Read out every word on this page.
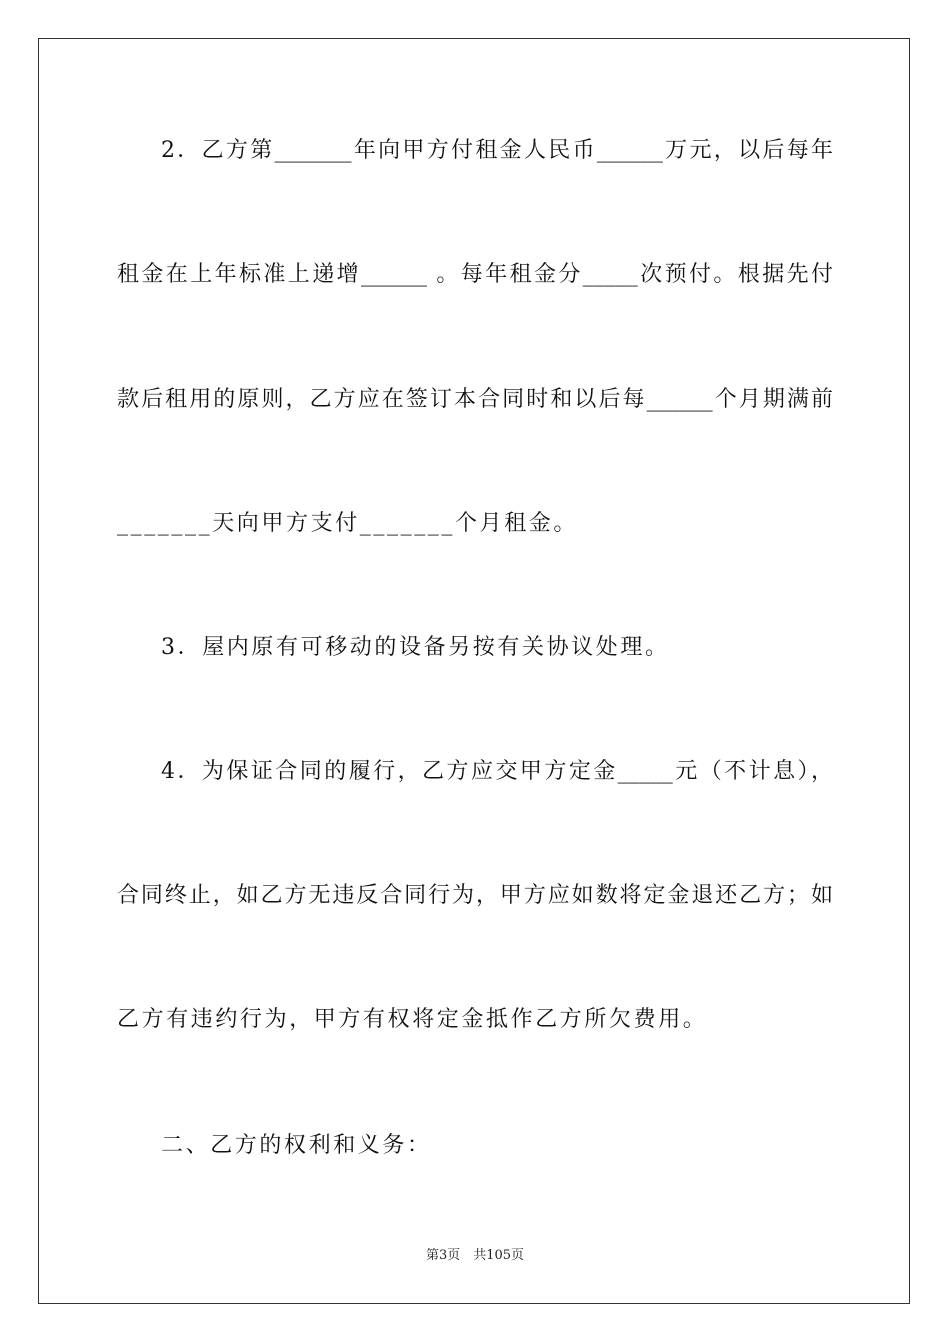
2．乙方第_______年向甲方付租金人民币______万元，以后每年
租金在上年标准上递增______ 。每年租金分_____次预付。根据先付
款后租用的原则，乙方应在签订本合同时和以后每______个月期满前
_______天向甲方支付_______个月租金。
3．屋内原有可移动的设备另按有关协议处理。
4．为保证合同的履行，乙方应交甲方定金_____元（不计息），
合同终止，如乙方无违反合同行为，甲方应如数将定金退还乙方；如
乙方有违约行为，甲方有权将定金抵作乙方所欠费用。
二、乙方的权利和义务：
第3页　共105页
